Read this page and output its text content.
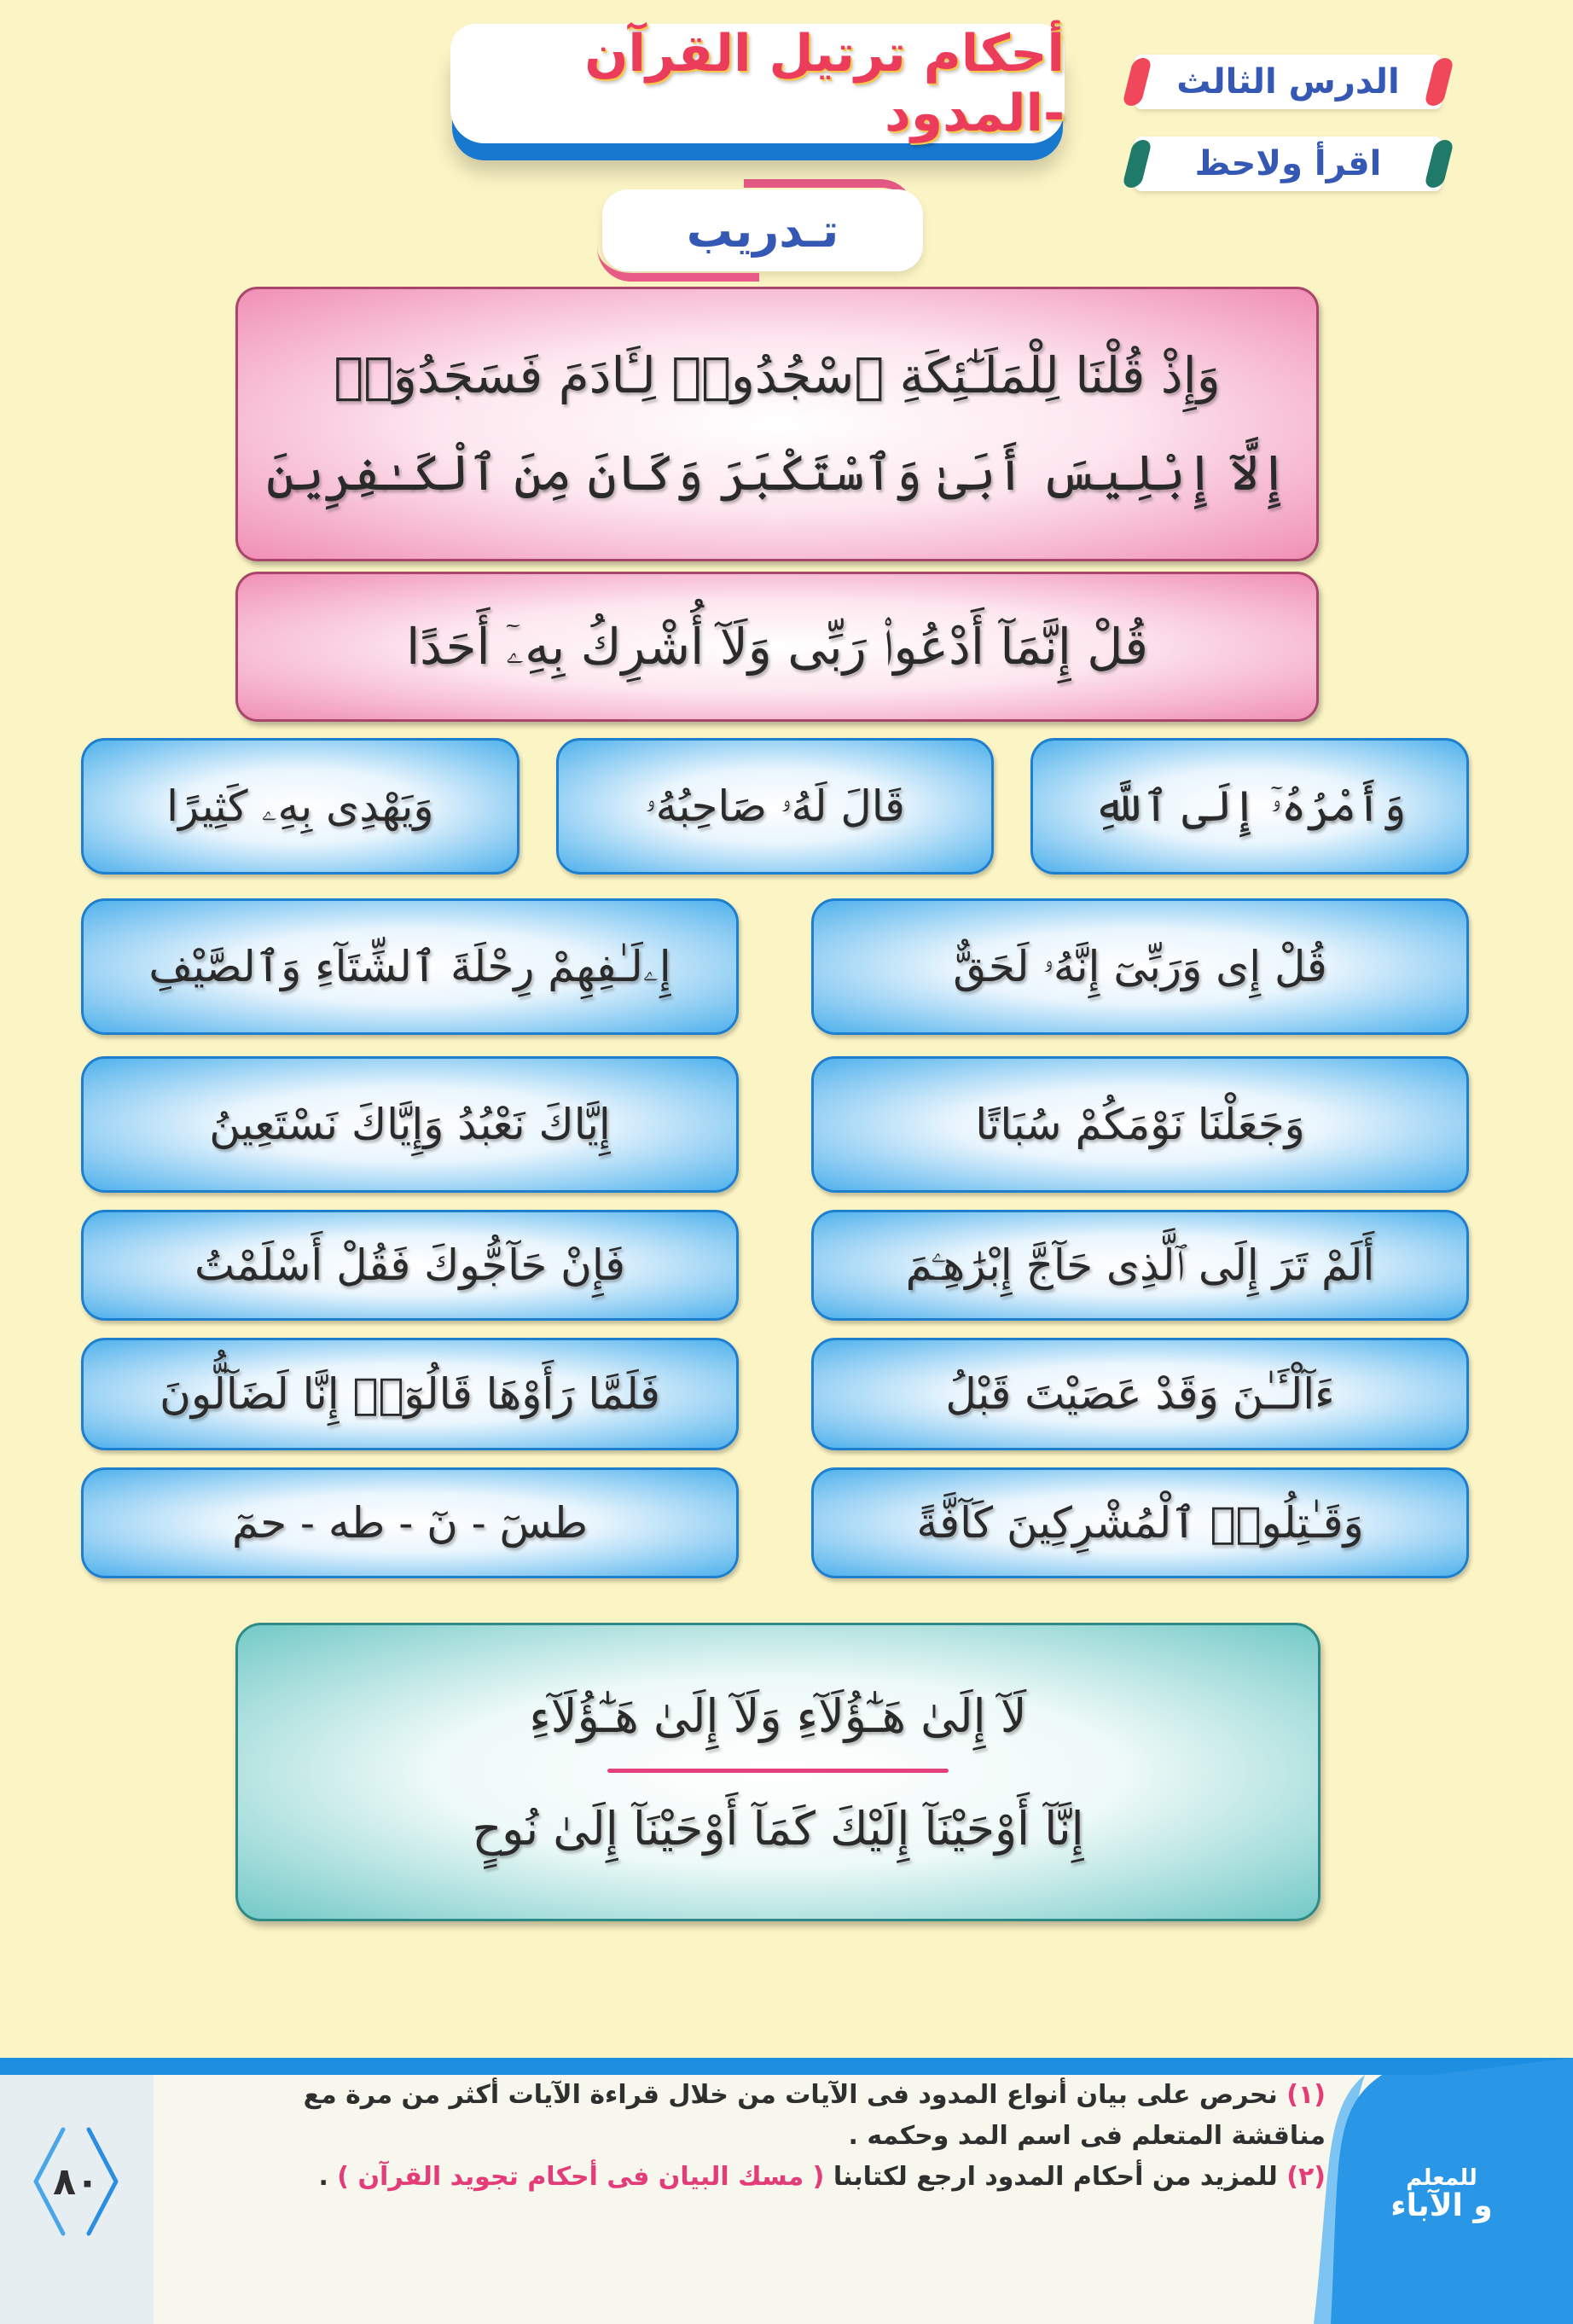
أحكام ترتيل القرآن -المدود
الدرس الثالث
اقرأ ولاحظ
تـدريب
وَإِذْ قُلْنَا لِلْمَلَـٰٓئِكَةِ ٱسْجُدُوا۟ لِـَٔادَمَ فَسَجَدُوٓا۟
إِلَّآ إِبْلِيسَ أَبَىٰ وَٱسْتَكْبَرَ وَكَانَ مِنَ ٱلْكَـٰفِرِينَ
قُلْ إِنَّمَآ أَدْعُوا۟ رَبِّى وَلَآ أُشْرِكُ بِهِۦٓ أَحَدًا
وَأَمْرُهُۥٓ إِلَى ٱللَّهِ
قَالَ لَهُۥ صَاحِبُهُۥ
وَيَهْدِى بِهِۦ كَثِيرًا
قُلْ إِى وَرَبِّىٓ إِنَّهُۥ لَحَقٌّ
إِۦلَـٰفِهِمْ رِحْلَةَ ٱلشِّتَآءِ وَٱلصَّيْفِ
وَجَعَلْنَا نَوْمَكُمْ سُبَاتًا
إِيَّاكَ نَعْبُدُ وَإِيَّاكَ نَسْتَعِينُ
أَلَمْ تَرَ إِلَى ٱلَّذِى حَآجَّ إِبْرَٰهِـۧمَ
فَإِنْ حَآجُّوكَ فَقُلْ أَسْلَمْتُ
ءَآلْـَٔـٰنَ وَقَدْ عَصَيْتَ قَبْلُ
فَلَمَّا رَأَوْهَا قَالُوٓا۟ إِنَّا لَضَآلُّونَ
وَقَـٰتِلُوا۟ ٱلْمُشْرِكِينَ كَآفَّةً
طسٓ - نٓ - طه - حمٓ
لَآ إِلَىٰ هَـٰٓؤُلَآءِ وَلَآ إِلَىٰ هَـٰٓؤُلَآءِ
إِنَّآ أَوْحَيْنَآ إِلَيْكَ كَمَآ أَوْحَيْنَآ إِلَىٰ نُوحٍ
للمعلم
و الآباء
٨٠
(١) نحرص على بيان أنواع المدود فى الآيات من خلال قراءة الآيات أكثر من مرة مع
مناقشة المتعلم فى اسم المد وحكمه .
(٢) للمزيد من أحكام المدود ارجع لكتابنا ( مسك البيان فى أحكام تجويد القرآن ) .
